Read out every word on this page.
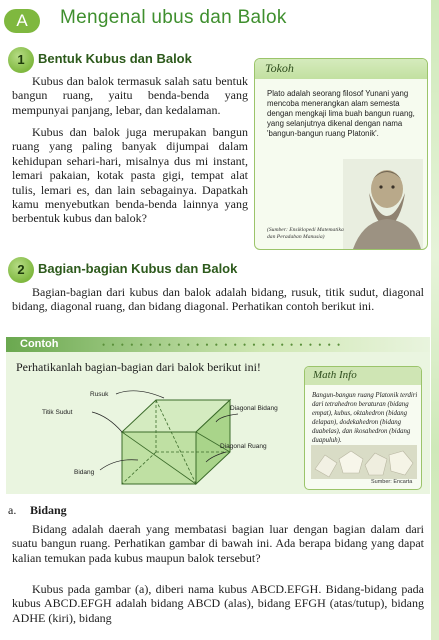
A	Mengenal ubus dan Balok
1	Bentuk Kubus dan Balok

Kubus dan balok termasuk salah satu bentuk bangun ruang, yaitu benda-benda yang mempunyai panjang, lebar, dan kedalaman.

Kubus dan balok juga merupakan bangun ruang yang paling banyak dijumpai dalam kehidupan sehari-hari, misalnya dus mi instant, lemari pakaian, kotak pasta gigi, tempat alat tulis, lemari es, dan lain sebagainya. Dapatkah kamu menyebutkan benda-benda lainnya yang berbentuk kubus dan balok?

Tokoh
Plato adalah seorang filosof Yunani yang mencoba menerangkan alam semesta dengan mengkaji lima buah bangun ruang, yang selanjutnya dikenal dengan nama 'bangun-bangun ruang Platonik'.
(Sumber: Ensiklopedi Matematika dan Peradaban Manusia)
2	Bagian-bagian Kubus dan Balok

Bagian-bagian dari kubus dan balok adalah bidang, rusuk, titik sudut, diagonal bidang, diagonal ruang, dan bidang diagonal. Perhatikan contoh berikut ini.

Contoh	• • • • • • • • • • • • • • • • • • • • • • • • • •
Perhatikanlah bagian-bagian dari balok berikut ini!
Rusuk
Titik Sudut
Bidang
Diagonal Bidang
Diagonal Ruang
Math Info
Bangun-bangun ruang Platonik terdiri dari tetrahedron beraturan (bidang empat), kubus, oktahedron (bidang delapan), dodekahedron (bidang duabelas), dan ikosahedron (bidang duapuluh).
Sumber: Encarta
a. Bidang

Bidang adalah daerah yang membatasi bagian luar dengan bagian dalam dari suatu bangun ruang. Perhatikan gambar di bawah ini. Ada berapa bidang yang dapat kalian temukan pada kubus maupun balok tersebut?

Kubus pada gambar (a), diberi nama kubus ABCD.EFGH. Bidang-bidang pada kubus ABCD.EFGH adalah bidang ABCD (alas), bidang EFGH (atas/tutup), bidang ADHE (kiri), bidang
